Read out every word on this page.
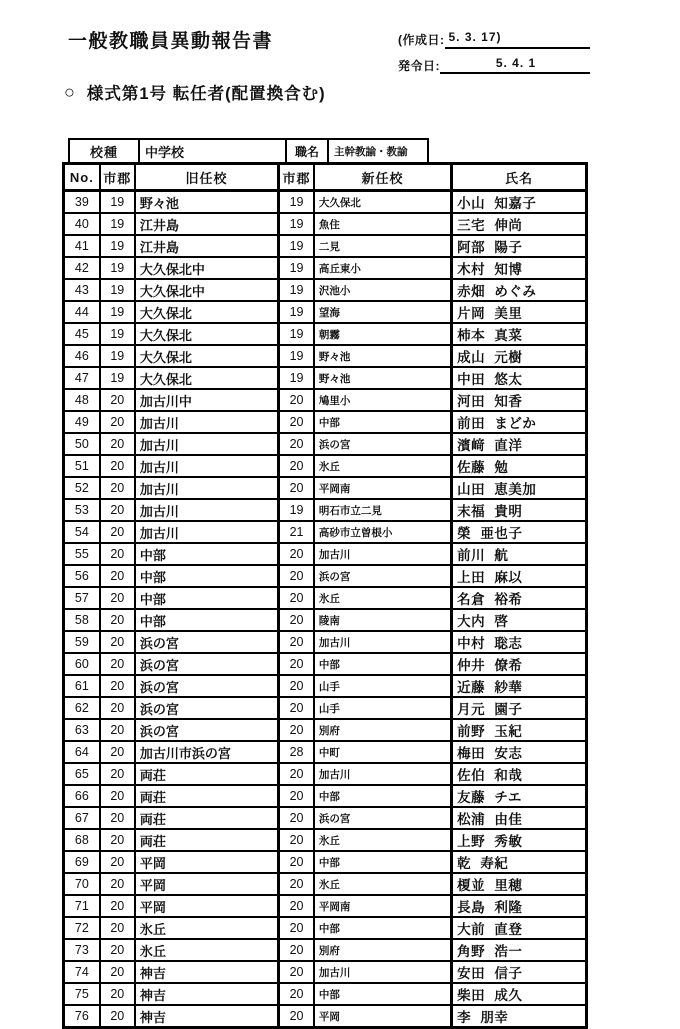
一般教職員異動報告書	(作成日: 5. 3. 17)
発令日:	5. 4. 1
○ 様式第1号 転任者(配置換含む)
校種	中学校	職名	主幹教諭・教諭
No.	市郡	旧任校	市郡	新任校	氏名
39	19	野々池	19	大久保北	小山 知嘉子
40	19	江井島	19	魚住	三宅 伸尚
41	19	江井島	19	二見	阿部 陽子
42	19	大久保北中	19	高丘東小	木村 知博
43	19	大久保北中	19	沢池小	赤畑 めぐみ
44	19	大久保北	19	望海	片岡 美里
45	19	大久保北	19	朝霧	柿本 真菜
46	19	大久保北	19	野々池	成山 元樹
47	19	大久保北	19	野々池	中田 悠太
48	20	加古川中	20	鳩里小	河田 知香
49	20	加古川	20	中部	前田 まどか
50	20	加古川	20	浜の宮	濱﨑 直洋
51	20	加古川	20	氷丘	佐藤 勉
52	20	加古川	20	平岡南	山田 恵美加
53	20	加古川	19	明石市立二見	末福 貴明
54	20	加古川	21	高砂市立曽根小	榮 亜也子
55	20	中部	20	加古川	前川 航
56	20	中部	20	浜の宮	上田 麻以
57	20	中部	20	氷丘	名倉 裕希
58	20	中部	20	陵南	大内 啓
59	20	浜の宮	20	加古川	中村 聡志
60	20	浜の宮	20	中部	仲井 僚希
61	20	浜の宮	20	山手	近藤 紗華
62	20	浜の宮	20	山手	月元 園子
63	20	浜の宮	20	別府	前野 玉紀
64	20	加古川市浜の宮	28	中町	梅田 安志
65	20	両荘	20	加古川	佐伯 和哉
66	20	両荘	20	中部	友藤 チエ
67	20	両荘	20	浜の宮	松浦 由佳
68	20	両荘	20	氷丘	上野 秀敏
69	20	平岡	20	中部	乾 寿紀
70	20	平岡	20	氷丘	榎並 里穂
71	20	平岡	20	平岡南	長島 利隆
72	20	氷丘	20	中部	大前 直登
73	20	氷丘	20	別府	角野 浩一
74	20	神吉	20	加古川	安田 信子
75	20	神吉	20	中部	柴田 成久
76	20	神吉	20	平岡	李 朋幸
